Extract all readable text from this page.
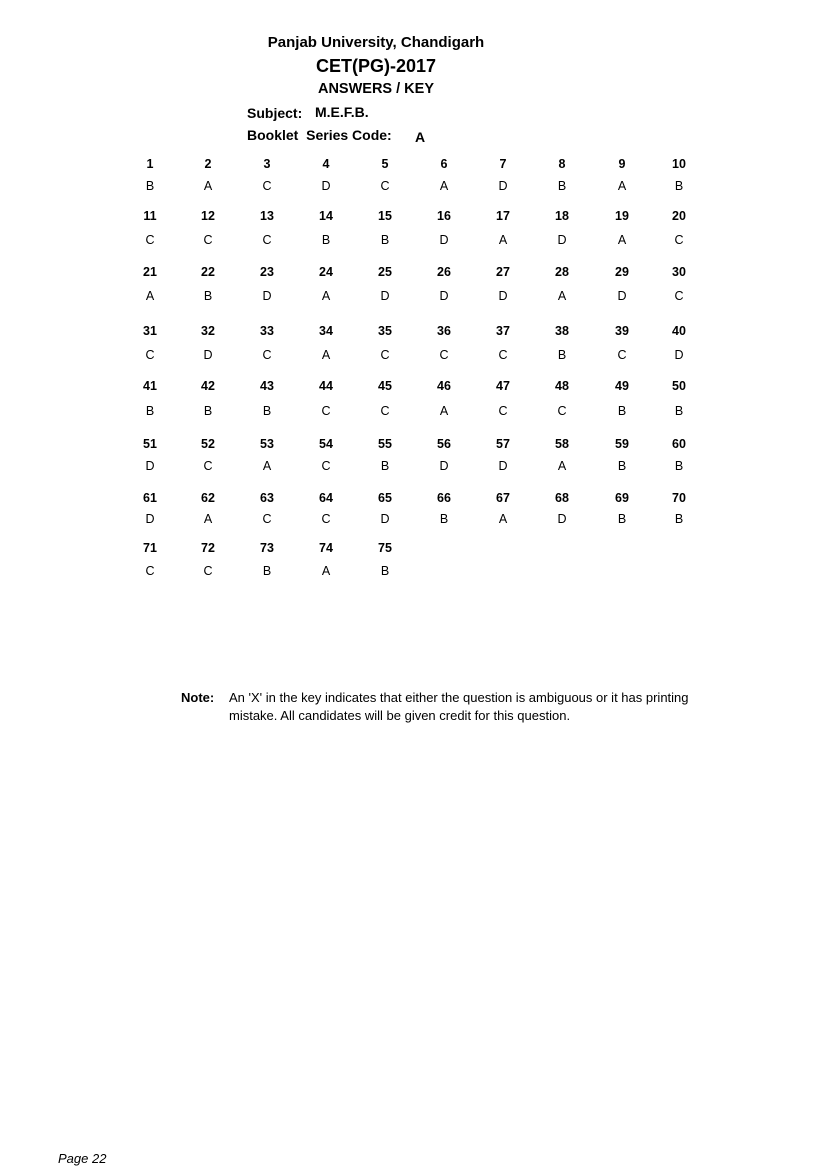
Panjab University, Chandigarh
CET(PG)-2017
ANSWERS / KEY
Subject: M.E.F.B.
Booklet  Series Code: A
1
B
2
A
3
C
4
D
5
C
6
A
7
D
8
B
9
A
10
B
11
C
12
C
13
C
14
B
15
B
16
D
17
A
18
D
19
A
20
C
21
A
22
B
23
D
24
A
25
D
26
D
27
D
28
A
29
D
30
C
31
C
32
D
33
C
34
A
35
C
36
C
37
C
38
B
39
C
40
D
41
B
42
B
43
B
44
C
45
C
46
A
47
C
48
C
49
B
50
B
51
D
52
C
53
A
54
C
55
B
56
D
57
D
58
A
59
B
60
B
61
D
62
A
63
C
64
C
65
D
66
B
67
A
68
D
69
B
70
B
71
C
72
C
73
B
74
A
75
B
Note: An 'X' in the key indicates that either the question is ambiguous or it has printing mistake. All candidates will be given credit for this question.
Page 22
